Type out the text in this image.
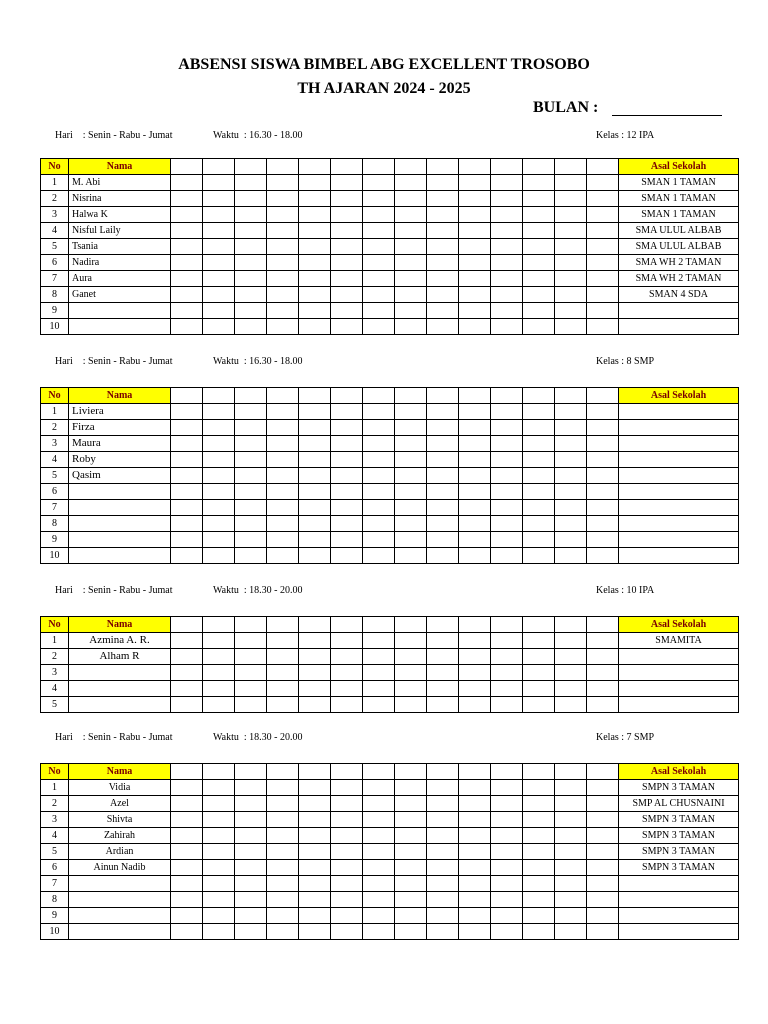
ABSENSI SISWA BIMBEL ABG EXCELLENT TROSOBO
TH AJARAN 2024 - 2025
BULAN :
Hari    : Senin - Rabu - Jumat	Waktu  : 16.30 - 18.00	Kelas : 12 IPA
No	Nama															Asal Sekolah
1	M. Abi															SMAN 1 TAMAN
2	Nisrina															SMAN 1 TAMAN
3	Halwa K															SMAN 1 TAMAN
4	Nisful Laily															SMA ULUL ALBAB
5	Tsania															SMA ULUL ALBAB
6	Nadira															SMA WH 2 TAMAN
7	Aura															SMA WH 2 TAMAN
8	Ganet															SMAN 4 SDA
9																
10																
Hari    : Senin - Rabu - Jumat	Waktu  : 16.30 - 18.00	Kelas : 8 SMP
No	Nama															Asal Sekolah
1	Liviera															
2	Firza															
3	Maura															
4	Roby															
5	Qasim															
6																
7																
8																
9																
10																
Hari    : Senin - Rabu - Jumat	Waktu  : 18.30 - 20.00	Kelas : 10 IPA
No	Nama															Asal Sekolah
1	Azmina A. R.															SMAMITA
2	Alham R															
3																
4																
5																
Hari    : Senin - Rabu - Jumat	Waktu  : 18.30 - 20.00	Kelas : 7 SMP
No	Nama															Asal Sekolah
1	Vidia															SMPN 3 TAMAN
2	Azel															SMP AL CHUSNAINI
3	Shivta															SMPN 3 TAMAN
4	Zahirah															SMPN 3 TAMAN
5	Ardian															SMPN 3 TAMAN
6	Ainun Nadib															SMPN 3 TAMAN
7																
8																
9																
10																
